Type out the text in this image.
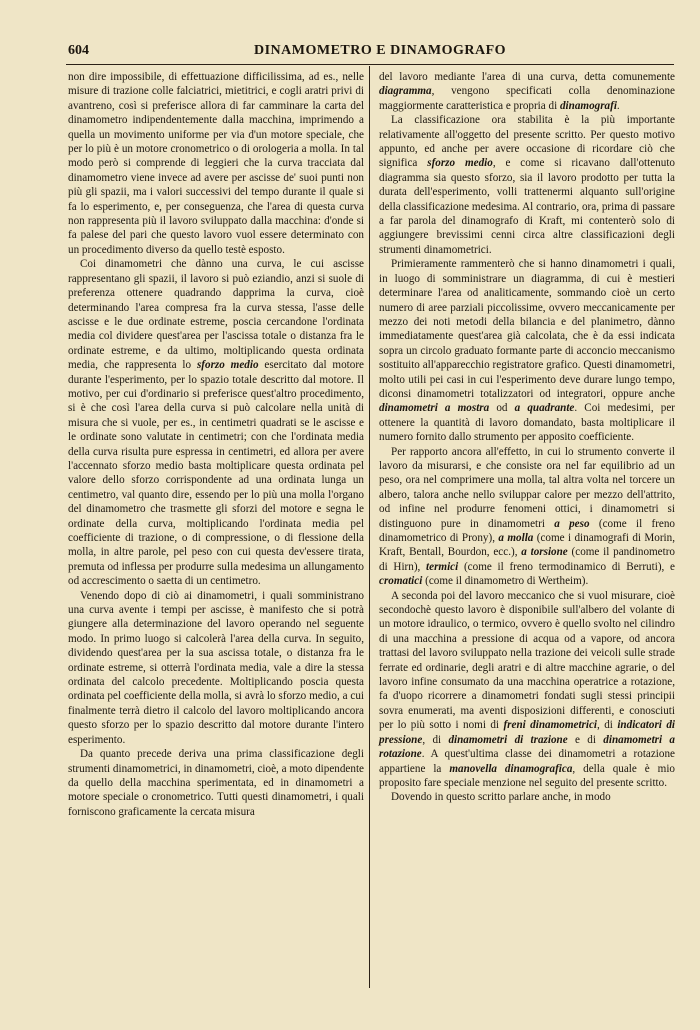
604	DINAMOMETRO E DINAMOGRAFO

non dire impossibile, di effettuazione difficilissima, ad es., nelle misure di trazione colle falciatrici, mietitrici, e cogli aratri privi di avantreno, così si preferisce allora di far camminare la carta del dinamometro indipendentemente dalla macchina, imprimendo a quella un movimento uniforme per via d'un motore speciale, che per lo più è un motore cronometrico o di orologeria a molla. In tal modo però si comprende di leggieri che la curva tracciata dal dinamometro viene invece ad avere per ascisse de' suoi punti non più gli spazii, ma i valori successivi del tempo durante il quale si fa lo esperimento, e, per conseguenza, che l'area di questa curva non rappresenta più il lavoro sviluppato dalla macchina: d'onde si fa palese del pari che questo lavoro vuol essere determinato con un procedimento diverso da quello testè esposto.

Coi dinamometri che dànno una curva, le cui ascisse rappresentano gli spazii, il lavoro si può eziandio, anzi si suole di preferenza ottenere quadrando dapprima la curva, cioè determinando l'area compresa fra la curva stessa, l'asse delle ascisse e le due ordinate estreme, poscia cercandone l'ordinata media col dividere quest'area per l'ascissa totale o distanza fra le ordinate estreme, e da ultimo, moltiplicando questa ordinata media, che rappresenta lo sforzo medio esercitato dal motore durante l'esperimento, per lo spazio totale descritto dal motore. Il motivo, per cui d'ordinario si preferisce quest'altro procedimento, si è che così l'area della curva si può calcolare nella unità di misura che si vuole, per es., in centimetri quadrati se le ascisse e le ordinate sono valutate in centimetri; con che l'ordinata media della curva risulta pure espressa in centimetri, ed allora per avere l'accennato sforzo medio basta moltiplicare questa ordinata pel valore dello sforzo corrispondente ad una ordinata lunga un centimetro, val quanto dire, essendo per lo più una molla l'organo del dinamometro che trasmette gli sforzi del motore e segna le ordinate della curva, moltiplicando l'ordinata media pel coefficiente di trazione, o di compressione, o di flessione della molla, in altre parole, pel peso con cui questa dev'essere tirata, premuta od inflessa per produrre sulla medesima un allungamento od accrescimento o saetta di un centimetro.

Venendo dopo di ciò ai dinamometri, i quali somministrano una curva avente i tempi per ascisse, è manifesto che si potrà giungere alla determinazione del lavoro operando nel seguente modo. In primo luogo si calcolerà l'area della curva. In seguito, dividendo quest'area per la sua ascissa totale, o distanza fra le ordinate estreme, si otterrà l'ordinata media, vale a dire la stessa ordinata del calcolo precedente. Moltiplicando poscia questa ordinata pel coefficiente della molla, si avrà lo sforzo medio, a cui finalmente terrà dietro il calcolo del lavoro moltiplicando ancora questo sforzo per lo spazio descritto dal motore durante l'intero esperimento.

Da quanto precede deriva una prima classificazione degli strumenti dinamometrici, in dinamometri, cioè, a moto dipendente da quello della macchina sperimentata, ed in dinamometri a motore speciale o cronometrico. Tutti questi dinamometri, i quali forniscono graficamente la cercata misura

del lavoro mediante l'area di una curva, detta comunemente diagramma, vengono specificati colla denominazione maggiormente caratteristica e propria di dinamografi.

La classificazione ora stabilita è la più importante relativamente all'oggetto del presente scritto. Per questo motivo appunto, ed anche per avere occasione di ricordare ciò che significa sforzo medio, e come si ricavano dall'ottenuto diagramma sia questo sforzo, sia il lavoro prodotto per tutta la durata dell'esperimento, volli trattenermi alquanto sull'origine della classificazione medesima. Al contrario, ora, prima di passare a far parola del dinamografo di Kraft, mi contenterò solo di aggiungere brevissimi cenni circa altre classificazioni degli strumenti dinamometrici.

Primieramente rammenterò che si hanno dinamometri i quali, in luogo di somministrare un diagramma, di cui è mestieri determinare l'area od analiticamente, sommando cioè un certo numero di aree parziali piccolissime, ovvero meccanicamente per mezzo dei noti metodi della bilancia e del planimetro, dànno immediatamente quest'area già calcolata, che è da essi indicata sopra un circolo graduato formante parte di acconcio meccanismo sostituito all'apparecchio registratore grafico. Questi dinamometri, molto utili pei casi in cui l'esperimento deve durare lungo tempo, diconsi dinamometri totalizzatori od integratori, oppure anche dinamometri a mostra od a quadrante. Coi medesimi, per ottenere la quantità di lavoro domandato, basta moltiplicare il numero fornito dallo strumento per apposito coefficiente.

Per rapporto ancora all'effetto, in cui lo strumento converte il lavoro da misurarsi, e che consiste ora nel far equilibrio ad un peso, ora nel comprimere una molla, tal altra volta nel torcere un albero, talora anche nello sviluppar calore per mezzo dell'attrito, od infine nel produrre fenomeni ottici, i dinamometri si distinguono pure in dinamometri a peso (come il freno dinamometrico di Prony), a molla (come i dinamografi di Morin, Kraft, Bentall, Bourdon, ecc.), a torsione (come il pandinometro di Hirn), termici (come il freno termodinamico di Berruti), e cromatici (come il dinamometro di Wertheim).

A seconda poi del lavoro meccanico che si vuol misurare, cioè secondochè questo lavoro è disponibile sull'albero del volante di un motore idraulico, o termico, ovvero è quello svolto nel cilindro di una macchina a pressione di acqua od a vapore, od ancora trattasi del lavoro sviluppato nella trazione dei veicoli sulle strade ferrate ed ordinarie, degli aratri e di altre macchine agrarie, o del lavoro infine consumato da una macchina operatrice a rotazione, fa d'uopo ricorrere a dinamometri fondati sugli stessi principii sovra enumerati, ma aventi disposizioni differenti, e conosciuti per lo più sotto i nomi di freni dinamometrici, di indicatori di pressione, di dinamometri di trazione e di dinamometri a rotazione. A quest'ultima classe dei dinamometri a rotazione appartiene la manovella dinamografica, della quale è mio proposito fare speciale menzione nel seguito del presente scritto.

Dovendo in questo scritto parlare anche, in modo
